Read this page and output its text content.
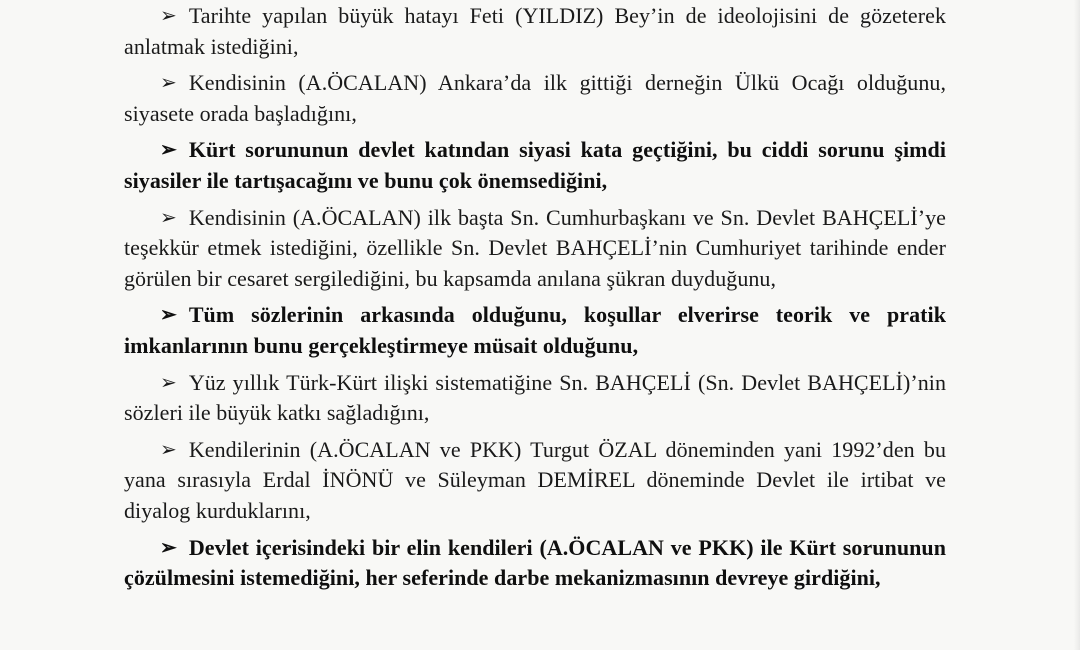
➢ Tarihte yapılan büyük hatayı Feti (YILDIZ) Bey’in de ideolojisini de gözeterek anlatmak istediğini,

➢ Kendisinin (A.ÖCALAN) Ankara’da ilk gittiği derneğin Ülkü Ocağı olduğunu, siyasete orada başladığını,

➢ Kürt sorununun devlet katından siyasi kata geçtiğini, bu ciddi sorunu şimdi siyasiler ile tartışacağını ve bunu çok önemsediğini,

➢ Kendisinin (A.ÖCALAN) ilk başta Sn. Cumhurbaşkanı ve Sn. Devlet BAHÇELİ’ye teşekkür etmek istediğini, özellikle Sn. Devlet BAHÇELİ’nin Cumhuriyet tarihinde ender görülen bir cesaret sergilediğini, bu kapsamda anılana şükran duyduğunu,

➢ Tüm sözlerinin arkasında olduğunu, koşullar elverirse teorik ve pratik imkanlarının bunu gerçekleştirmeye müsait olduğunu,

➢ Yüz yıllık Türk-Kürt ilişki sistematiğine Sn. BAHÇELİ (Sn. Devlet BAHÇELİ)’nin sözleri ile büyük katkı sağladığını,

➢ Kendilerinin (A.ÖCALAN ve PKK) Turgut ÖZAL döneminden yani 1992’den bu yana sırasıyla Erdal İNÖNÜ ve Süleyman DEMİREL döneminde Devlet ile irtibat ve diyalog kurduklarını,

➢ Devlet içerisindeki bir elin kendileri (A.ÖCALAN ve PKK) ile Kürt sorununun çözülmesini istemediğini, her seferinde darbe mekanizmasının devreye girdiğini,
